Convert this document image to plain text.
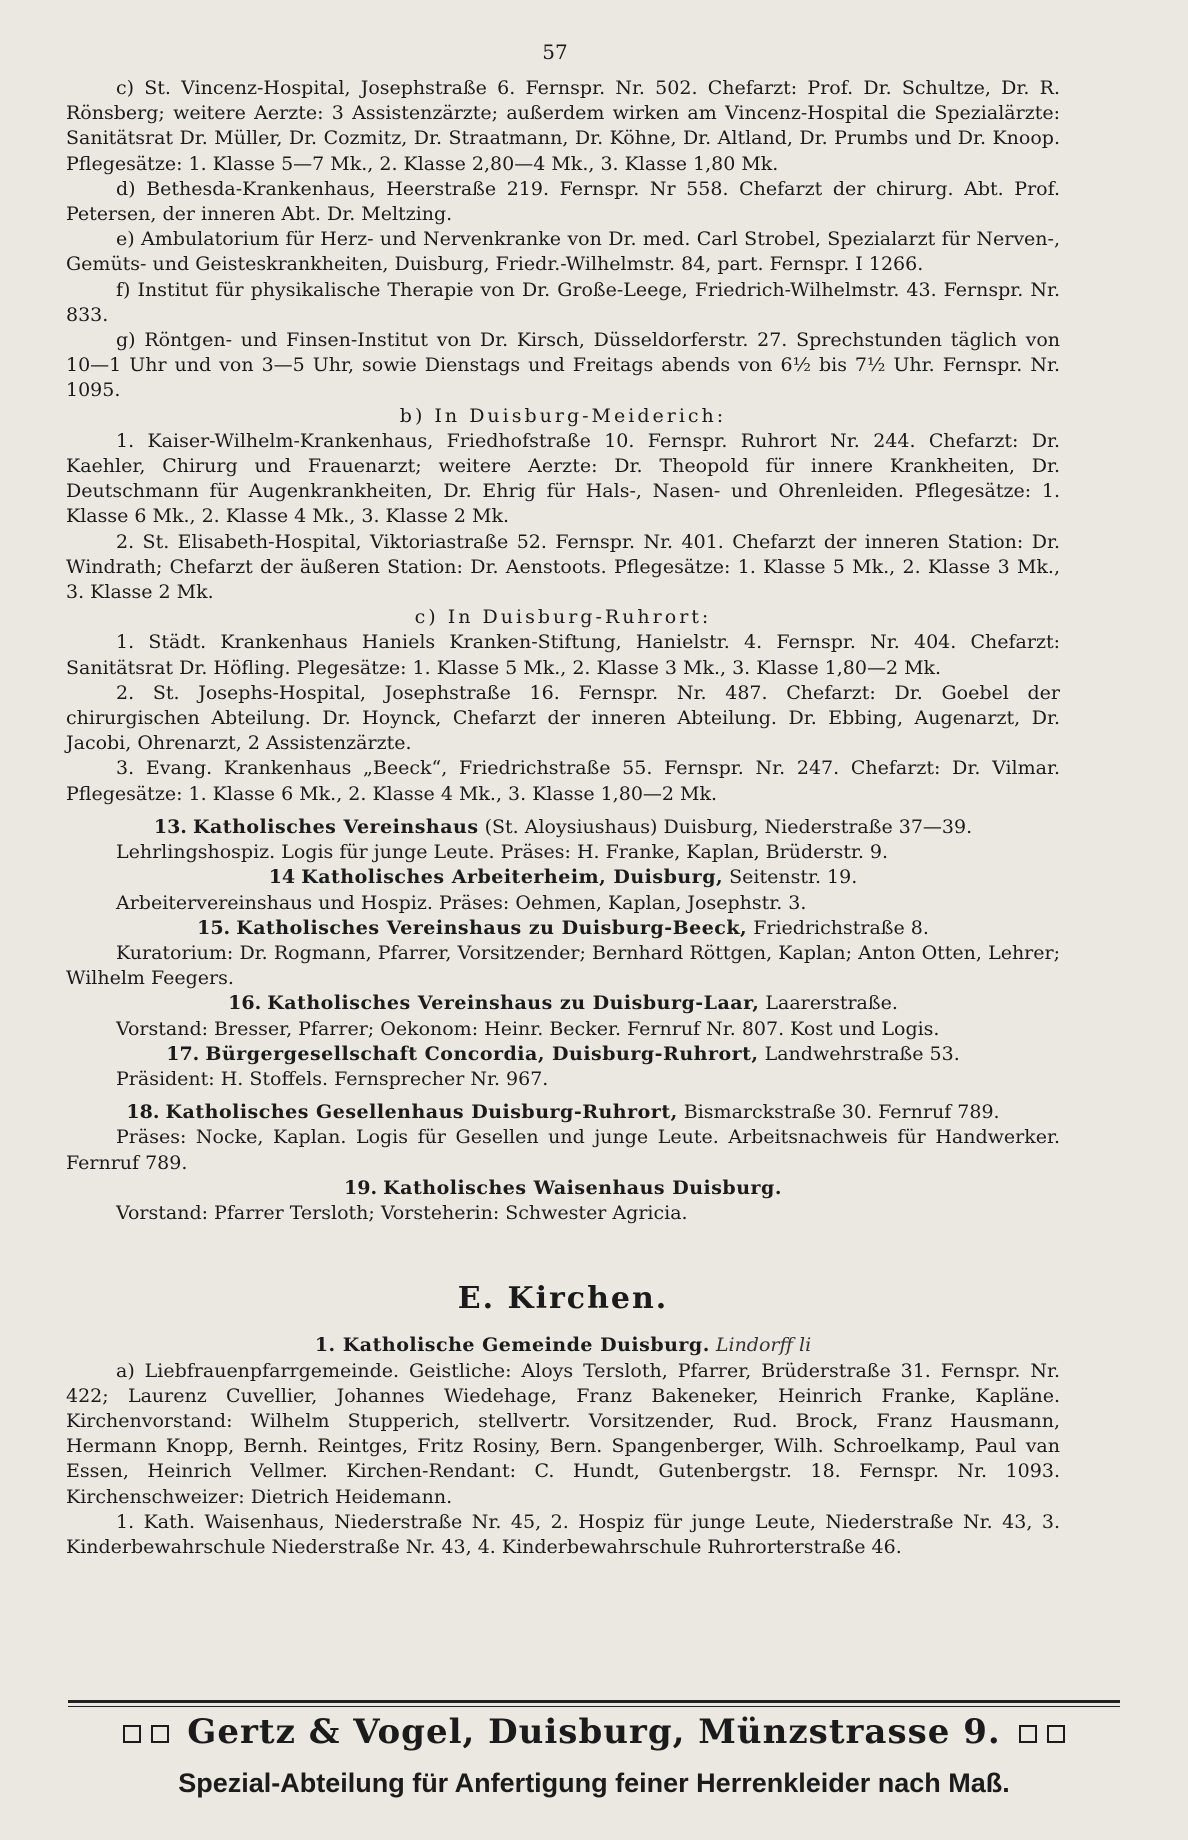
57

c) St. Vincenz-Hospital, Josephstraße 6. Fernspr. Nr. 502. Chefarzt: Prof. Dr. Schultze, Dr. R. Rönsberg; weitere Aerzte: 3 Assistenzärzte; außerdem wirken am Vincenz-Hospital die Spezialärzte: Sanitätsrat Dr. Müller, Dr. Cozmitz, Dr. Straatmann, Dr. Köhne, Dr. Altland, Dr. Prumbs und Dr. Knoop. Pflegesätze: 1. Klasse 5—7 Mk., 2. Klasse 2,80—4 Mk., 3. Klasse 1,80 Mk.

d) Bethesda-Krankenhaus, Heerstraße 219. Fernspr. Nr 558. Chefarzt der chirurg. Abt. Prof. Petersen, der inneren Abt. Dr. Meltzing.

e) Ambulatorium für Herz- und Nervenkranke von Dr. med. Carl Strobel, Spezialarzt für Nerven-, Gemüts- und Geisteskrankheiten, Duisburg, Friedr.-Wilhelmstr. 84, part. Fernspr. I 1266.

f) Institut für physikalische Therapie von Dr. Große-Leege, Friedrich-Wilhelmstr. 43. Fernspr. Nr. 833.

g) Röntgen- und Finsen-Institut von Dr. Kirsch, Düsseldorferstr. 27. Sprechstunden täglich von 10—1 Uhr und von 3—5 Uhr, sowie Dienstags und Freitags abends von 6½ bis 7½ Uhr. Fernspr. Nr. 1095.

b) In Duisburg-Meiderich:

1. Kaiser-Wilhelm-Krankenhaus, Friedhofstraße 10. Fernspr. Ruhrort Nr. 244. Chefarzt: Dr. Kaehler, Chirurg und Frauenarzt; weitere Aerzte: Dr. Theopold für innere Krankheiten, Dr. Deutschmann für Augenkrankheiten, Dr. Ehrig für Hals-, Nasen- und Ohrenleiden. Pflegesätze: 1. Klasse 6 Mk., 2. Klasse 4 Mk., 3. Klasse 2 Mk.

2. St. Elisabeth-Hospital, Viktoriastraße 52. Fernspr. Nr. 401. Chefarzt der inneren Station: Dr. Windrath; Chefarzt der äußeren Station: Dr. Aenstoots. Pflegesätze: 1. Klasse 5 Mk., 2. Klasse 3 Mk., 3. Klasse 2 Mk.

c) In Duisburg-Ruhrort:

1. Städt. Krankenhaus Haniels Kranken-Stiftung, Hanielstr. 4. Fernspr. Nr. 404. Chefarzt: Sanitätsrat Dr. Höfling. Plegesätze: 1. Klasse 5 Mk., 2. Klasse 3 Mk., 3. Klasse 1,80—2 Mk.

2. St. Josephs-Hospital, Josephstraße 16. Fernspr. Nr. 487. Chefarzt: Dr. Goebel der chirurgischen Abteilung. Dr. Hoynck, Chefarzt der inneren Abteilung. Dr. Ebbing, Augenarzt, Dr. Jacobi, Ohrenarzt, 2 Assistenzärzte.

3. Evang. Krankenhaus „Beeck“, Friedrichstraße 55. Fernspr. Nr. 247. Chefarzt: Dr. Vilmar. Pflegesätze: 1. Klasse 6 Mk., 2. Klasse 4 Mk., 3. Klasse 1,80—2 Mk.

13. Katholisches Vereinshaus (St. Aloysiushaus) Duisburg, Niederstraße 37—39.

Lehrlingshospiz. Logis für junge Leute. Präses: H. Franke, Kaplan, Brüderstr. 9.

14 Katholisches Arbeiterheim, Duisburg, Seitenstr. 19.

Arbeitervereinshaus und Hospiz. Präses: Oehmen, Kaplan, Josephstr. 3.

15. Katholisches Vereinshaus zu Duisburg-Beeck, Friedrichstraße 8.

Kuratorium: Dr. Rogmann, Pfarrer, Vorsitzender; Bernhard Röttgen, Kaplan; Anton Otten, Lehrer; Wilhelm Feegers.

16. Katholisches Vereinshaus zu Duisburg-Laar, Laarerstraße.

Vorstand: Bresser, Pfarrer; Oekonom: Heinr. Becker. Fernruf Nr. 807. Kost und Logis.

17. Bürgergesellschaft Concordia, Duisburg-Ruhrort, Landwehrstraße 53.

Präsident: H. Stoffels. Fernsprecher Nr. 967.

18. Katholisches Gesellenhaus Duisburg-Ruhrort, Bismarckstraße 30. Fernruf 789.

Präses: Nocke, Kaplan. Logis für Gesellen und junge Leute. Arbeitsnachweis für Handwerker. Fernruf 789.

19. Katholisches Waisenhaus Duisburg.

Vorstand: Pfarrer Tersloth; Vorsteherin: Schwester Agricia.

E. Kirchen.

1. Katholische Gemeinde Duisburg. Lindorff li

a) Liebfrauenpfarrgemeinde. Geistliche: Aloys Tersloth, Pfarrer, Brüderstraße 31. Fernspr. Nr. 422; Laurenz Cuvellier, Johannes Wiedehage, Franz Bakeneker, Heinrich Franke, Kapläne. Kirchenvorstand: Wilhelm Stupperich, stellvertr. Vorsitzender, Rud. Brock, Franz Hausmann, Hermann Knopp, Bernh. Reintges, Fritz Rosiny, Bern. Spangenberger, Wilh. Schroelkamp, Paul van Essen, Heinrich Vellmer. Kirchen-Rendant: C. Hundt, Gutenbergstr. 18. Fernspr. Nr. 1093. Kirchenschweizer: Dietrich Heidemann.

1. Kath. Waisenhaus, Niederstraße Nr. 45, 2. Hospiz für junge Leute, Niederstraße Nr. 43, 3. Kinderbewahrschule Niederstraße Nr. 43, 4. Kinderbewahrschule Ruhrorterstraße 46.

Gertz & Vogel, Duisburg, Münzstrasse 9.
Spezial-Abteilung für Anfertigung feiner Herrenkleider nach Maß.
